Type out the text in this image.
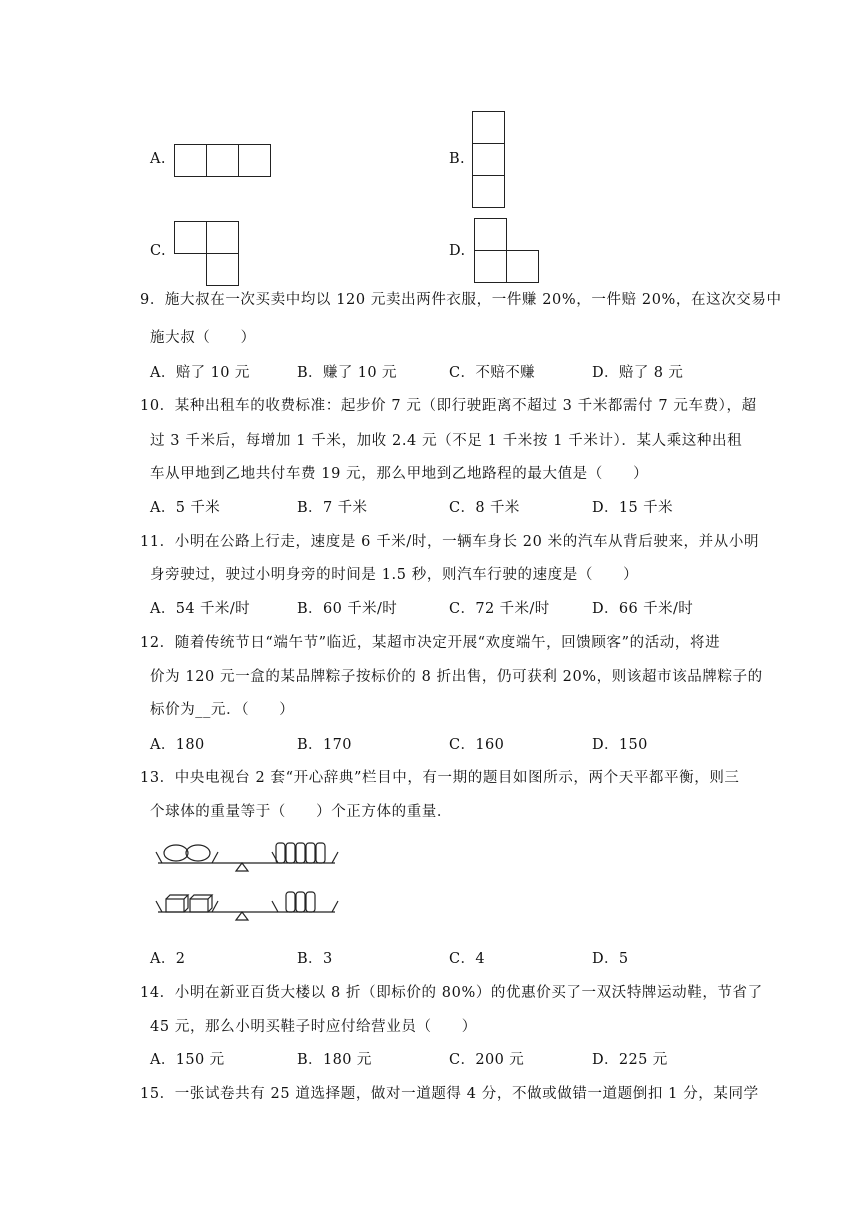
A.	B.
C.	D.
9．施大叔在一次买卖中均以 120 元卖出两件衣服，一件赚 20%，一件赔 20%，在这次交易中
施大叔（　　）
A．赔了 10 元	B．赚了 10 元	C．不赔不赚	D．赔了 8 元
10．某种出租车的收费标准：起步价 7 元（即行驶距离不超过 3 千米都需付 7 元车费），超
过 3 千米后，每增加 1 千米，加收 2.4 元（不足 1 千米按 1 千米计）．某人乘这种出租
车从甲地到乙地共付车费 19 元，那么甲地到乙地路程的最大值是（　　）
A．5 千米	B．7 千米	C．8 千米	D．15 千米
11．小明在公路上行走，速度是 6 千米/时，一辆车身长 20 米的汽车从背后驶来，并从小明
身旁驶过，驶过小明身旁的时间是 1.5 秒，则汽车行驶的速度是（　　）
A．54 千米/时	B．60 千米/时	C．72 千米/时	D．66 千米/时
12．随着传统节日“端午节”临近，某超市决定开展“欢度端午，回馈顾客”的活动，将进
价为 120 元一盒的某品牌粽子按标价的 8 折出售，仍可获利 20%，则该超市该品牌粽子的
标价为__元．（　　）
A．180	B．170	C．160	D．150
13．中央电视台 2 套“开心辞典”栏目中，有一期的题目如图所示，两个天平都平衡，则三
个球体的重量等于（　　）个正方体的重量．
A．2	B．3	C．4	D．5
14．小明在新亚百货大楼以 8 折（即标价的 80%）的优惠价买了一双沃特牌运动鞋，节省了
45 元，那么小明买鞋子时应付给营业员（　　）
A．150 元	B．180 元	C．200 元	D．225 元
15．一张试卷共有 25 道选择题，做对一道题得 4 分，不做或做错一道题倒扣 1 分，某同学
